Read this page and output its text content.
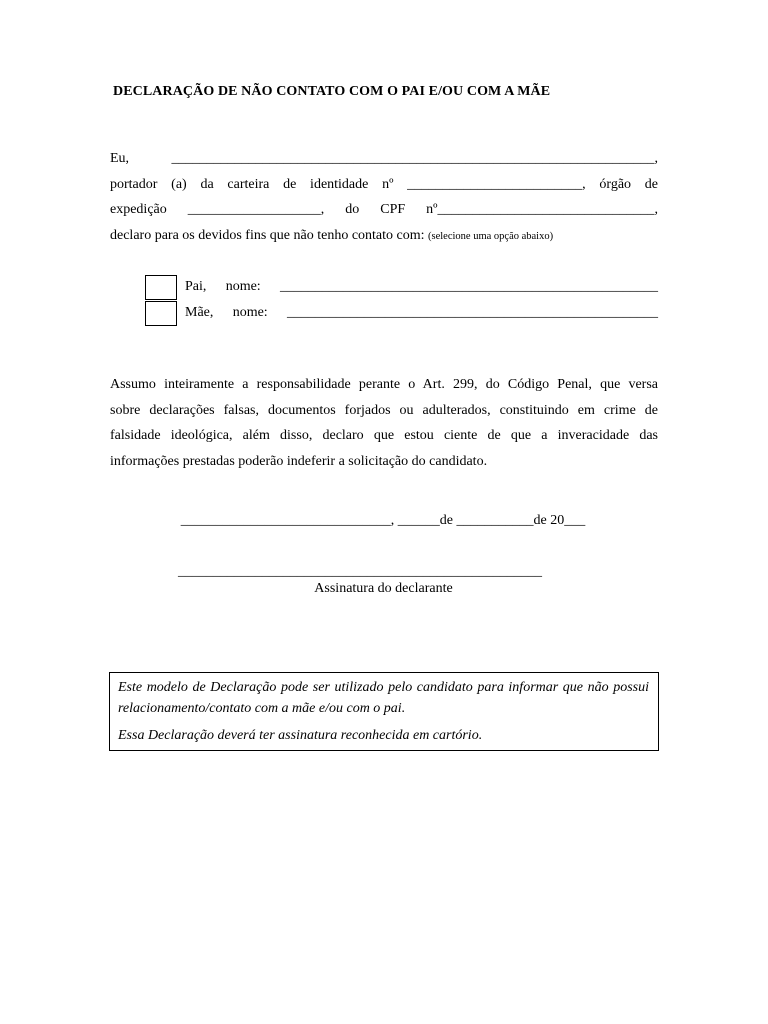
DECLARAÇÃO DE NÃO CONTATO COM O PAI E/OU COM A MÃE
Eu, _____________________________________________________________________,
portador (a) da carteira de identidade nº _________________________, órgão de
expedição ___________________, do CPF nº_______________________________,
declaro para os devidos fins que não tenho contato com: (selecione uma opção abaixo)
Pai, nome: ______________________________________________________
Mãe, nome: _____________________________________________________
Assumo inteiramente a responsabilidade perante o Art. 299, do Código Penal, que versa
sobre declarações falsas, documentos forjados ou adulterados, constituindo em crime de
falsidade ideológica, além disso, declaro que estou ciente de que a inveracidade das
informações prestadas poderão indeferir a solicitação do candidato.
______________________________, ______de ___________de 20___
____________________________________________________
Assinatura do declarante

Este modelo de Declaração pode ser utilizado pelo candidato para informar que não possui relacionamento/contato com a mãe e/ou com o pai.

Essa Declaração deverá ter assinatura reconhecida em cartório.
